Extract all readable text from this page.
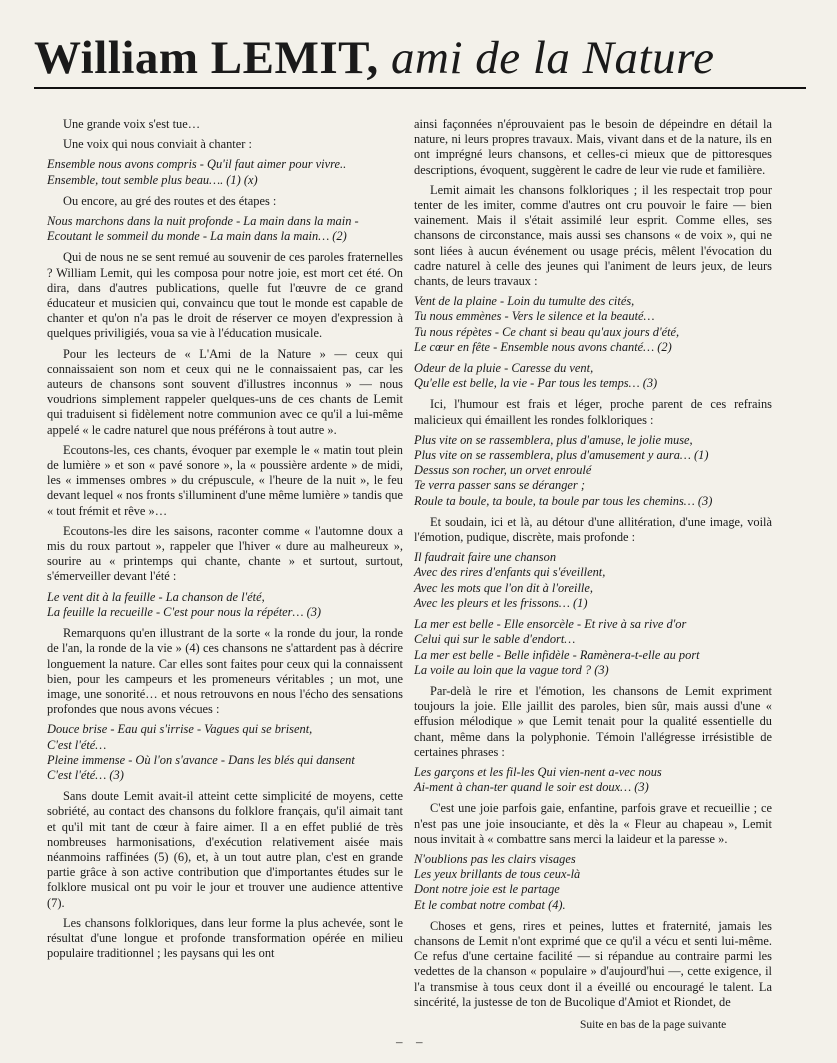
William LEMIT, ami de la Nature

Une grande voix s'est tue…

Une voix qui nous conviait à chanter :

Ensemble nous avons compris - Qu'il faut aimer pour vivre..
Ensemble, tout semble plus beau…. (1) (x)

Ou encore, au gré des routes et des étapes :

Nous marchons dans la nuit profonde - La main dans la main - Ecoutant le sommeil du monde - La main dans la main… (2)

Qui de nous ne se sent remué au souvenir de ces paroles fraternelles ? William Lemit, qui les composa pour notre joie, est mort cet été. On dira, dans d'autres publications, quelle fut l'œuvre de ce grand éducateur et musicien qui, convaincu que tout le monde est capable de chanter et qu'on n'a pas le droit de réserver ce moyen d'expression à quelques priviligiés, voua sa vie à l'éducation musicale.

Pour les lecteurs de « L'Ami de la Nature » — ceux qui connaissaient son nom et ceux qui ne le connaissaient pas, car les auteurs de chansons sont souvent d'illustres inconnus » — nous voudrions simplement rappeler quelques-uns de ces chants de Lemit qui traduisent si fidèlement notre communion avec ce qu'il a lui-même appelé « le cadre naturel que nous préférons à tout autre ».

Ecoutons-les, ces chants, évoquer par exemple le « matin tout plein de lumière » et son « pavé sonore », la « poussière ardente » de midi, les « immenses ombres » du crépuscule, « l'heure de la nuit », le feu devant lequel « nos fronts s'illuminent d'une même lumière » tandis que « tout frémit et rêve »…

Ecoutons-les dire les saisons, raconter comme « l'automne doux a mis du roux partout », rappeler que l'hiver « dure au malheureux », sourire au « printemps qui chante, chante » et surtout, surtout, s'émerveiller devant l'été :

Le vent dit à la feuille - La chanson de l'été,
La feuille la recueille - C'est pour nous la répéter… (3)

Remarquons qu'en illustrant de la sorte « la ronde du jour, la ronde de l'an, la ronde de la vie » (4) ces chansons ne s'attardent pas à décrire longuement la nature. Car elles sont faites pour ceux qui la connaissent bien, pour les campeurs et les promeneurs véritables ; un mot, une image, une sonorité… et nous retrouvons en nous l'écho des sensations profondes que nous avons vécues :

Douce brise - Eau qui s'irrise - Vagues qui se brisent,
C'est l'été…
Pleine immense - Où l'on s'avance - Dans les blés qui dansent
C'est l'été… (3)

Sans doute Lemit avait-il atteint cette simplicité de moyens, cette sobriété, au contact des chansons du folklore français, qu'il aimait tant et qu'il mit tant de cœur à faire aimer. Il a en effet publié de très nombreuses harmonisations, d'exécution relativement aisée mais néanmoins raffinées (5) (6), et, à un tout autre plan, c'est en grande partie grâce à son active contribution que d'importantes études sur le folklore musical ont pu voir le jour et trouver une audience attentive (7).

Les chansons folkloriques, dans leur forme la plus achevée, sont le résultat d'une longue et profonde transformation opérée en milieu populaire traditionnel ; les paysans qui les ont

ainsi façonnées n'éprouvaient pas le besoin de dépeindre en détail la nature, ni leurs propres travaux. Mais, vivant dans et de la nature, ils en ont imprégné leurs chansons, et celles-ci mieux que de pittoresques descriptions, évoquent, suggèrent le cadre de leur vie rude et familière.

Lemit aimait les chansons folkloriques ; il les respectait trop pour tenter de les imiter, comme d'autres ont cru pouvoir le faire — bien vainement. Mais il s'était assimilé leur esprit. Comme elles, ses chansons de circonstance, mais aussi ses chansons « de voix », qui ne sont liées à aucun événement ou usage précis, mêlent l'évocation du cadre naturel à celle des jeunes qui l'animent de leurs jeux, de leurs chants, de leurs travaux :

Vent de la plaine - Loin du tumulte des cités,
Tu nous emmènes - Vers le silence et la beauté…
Tu nous répètes - Ce chant si beau qu'aux jours d'été,
Le cœur en fête - Ensemble nous avons chanté… (2)
Odeur de la pluie - Caresse du vent,
Qu'elle est belle, la vie - Par tous les temps… (3)

Ici, l'humour est frais et léger, proche parent de ces refrains malicieux qui émaillent les rondes folkloriques :

Plus vite on se rassemblera, plus d'amuse, le jolie muse,
Plus vite on se rassemblera, plus d'amusement y aura… (1)
Dessus son rocher, un orvet enroulé
Te verra passer sans se déranger ;
Roule ta boule, ta boule, ta boule par tous les chemins… (3)

Et soudain, ici et là, au détour d'une allitération, d'une image, voilà l'émotion, pudique, discrète, mais profonde :

Il faudrait faire une chanson
Avec des rires d'enfants qui s'éveillent,
Avec les mots que l'on dit à l'oreille,
Avec les pleurs et les frissons… (1)
La mer est belle - Elle ensorcèle - Et rive à sa rive d'or
Celui qui sur le sable d'endort…
La mer est belle - Belle infidèle - Ramènera-t-elle au port
La voile au loin que la vague tord ? (3)

Par-delà le rire et l'émotion, les chansons de Lemit expriment toujours la joie. Elle jaillit des paroles, bien sûr, mais aussi d'une « effusion mélodique » que Lemit tenait pour la qualité essentielle du chant, même dans la polyphonie. Témoin l'allégresse irrésistible de certaines phrases :

Les garçons et les fil-les Qui vien-nent a-vec nous
Ai-ment à chan-ter quand le soir est doux… (3)

C'est une joie parfois gaie, enfantine, parfois grave et recueillie ; ce n'est pas une joie insouciante, et dès la « Fleur au chapeau », Lemit nous invitait à « combattre sans merci la laideur et la paresse ».

N'oublions pas les clairs visages
Les yeux brillants de tous ceux-là
Dont notre joie est le partage
Et le combat notre combat (4).

Choses et gens, rires et peines, luttes et fraternité, jamais les chansons de Lemit n'ont exprimé que ce qu'il a vécu et senti lui-même. Ce refus d'une certaine facilité — si répandue au contraire parmi les vedettes de la chanson « populaire » d'aujourd'hui —, cette exigence, il l'a transmise à tous ceux dont il a éveillé ou encouragé le talent. La sincérité, la justesse de ton de Bucolique d'Amiot et Riondet, de

Suite en bas de la page suivante
– –
